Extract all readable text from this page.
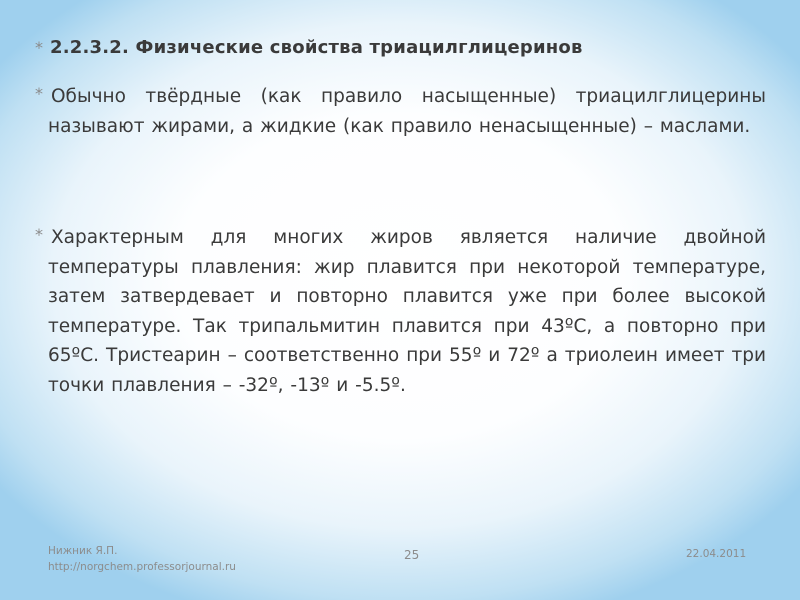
* 2.2.3.2. Физические свойства триацилглицеринов
* Обычно твёрдные (как правило насыщенные) триацилглицерины называют жирами, а жидкие (как правило ненасыщенные) – маслами.
* Характерным для многих жиров является наличие двойной температуры плавления: жир плавится при некоторой температуре, затем затвердевает и повторно плавится уже при более высокой температуре. Так трипальмитин плавится при 43ºС, а повторно при 65ºС. Тристеарин – соответственно при 55º и 72º а триолеин имеет три точки плавления – -32º, -13º и -5.5º.
Нижник Я.П.
http://norgchem.professorjournal.ru
25	22.04.2011
